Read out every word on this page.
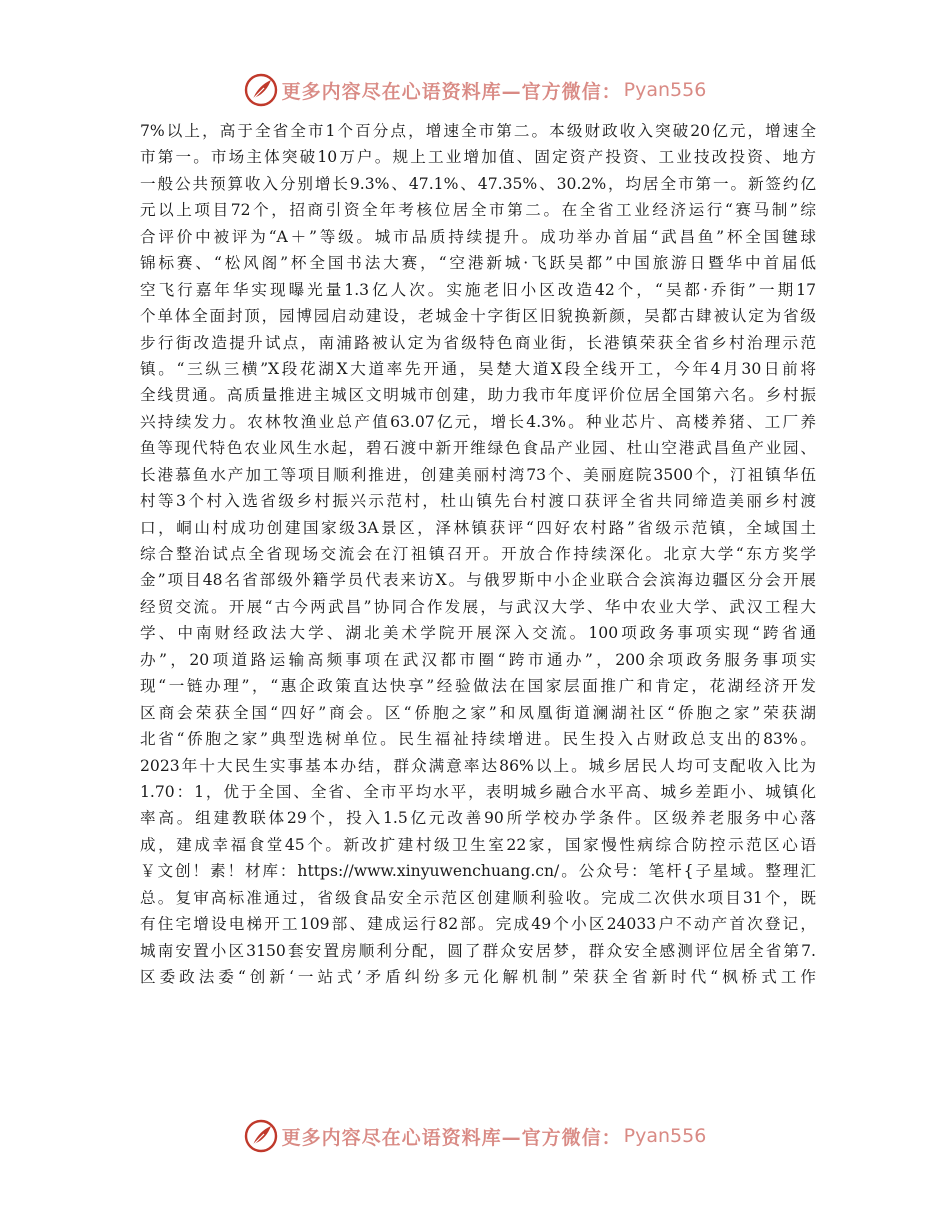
更多内容尽在心语资料库—官方微信： Pyan556
7%以上，高于全省全市1个百分点，增速全市第二。本级财政收入突破20亿元，增速全
市第一。市场主体突破10万户。规上工业增加值、固定资产投资、工业技改投资、地方
一般公共预算收入分别增长9.3%、47.1%、47.35%、30.2%，均居全市第一。新签约亿
元以上项目72个，招商引资全年考核位居全市第二。在全省工业经济运行“赛马制”综
合评价中被评为“A＋”等级。城市品质持续提升。成功举办首届“武昌鱼”杯全国毽球
锦标赛、“松风阁”杯全国书法大赛，“空港新城·飞跃吴都”中国旅游日暨华中首届低
空飞行嘉年华实现曝光量1.3亿人次。实施老旧小区改造42个，“吴都·乔街”一期17
个单体全面封顶，园博园启动建设，老城金十字街区旧貌换新颜，吴都古肆被认定为省级
步行街改造提升试点，南浦路被认定为省级特色商业街，长港镇荣获全省乡村治理示范
镇。“三纵三横”X段花湖X大道率先开通，吴楚大道X段全线开工，今年4月30日前将
全线贯通。高质量推进主城区文明城市创建，助力我市年度评价位居全国第六名。乡村振
兴持续发力。农林牧渔业总产值63.07亿元，增长4.3%。种业芯片、高楼养猪、工厂养
鱼等现代特色农业风生水起，碧石渡中新开维绿色食品产业园、杜山空港武昌鱼产业园、
长港慕鱼水产加工等项目顺利推进，创建美丽村湾73个、美丽庭院3500个，汀祖镇华伍
村等3个村入选省级乡村振兴示范村，杜山镇先台村渡口获评全省共同缔造美丽乡村渡
口，峒山村成功创建国家级3A景区，泽林镇获评“四好农村路”省级示范镇，全域国土
综合整治试点全省现场交流会在汀祖镇召开。开放合作持续深化。北京大学“东方奖学
金”项目48名省部级外籍学员代表来访X。与俄罗斯中小企业联合会滨海边疆区分会开展
经贸交流。开展“古今两武昌”协同合作发展，与武汉大学、华中农业大学、武汉工程大
学、中南财经政法大学、湖北美术学院开展深入交流。100项政务事项实现“跨省通
办”，20项道路运输高频事项在武汉都市圈“跨市通办”，200余项政务服务事项实
现“一链办理”，“惠企政策直达快享”经验做法在国家层面推广和肯定，花湖经济开发
区商会荣获全国“四好”商会。区“侨胞之家”和凤凰街道澜湖社区“侨胞之家”荣获湖
北省“侨胞之家”典型选树单位。民生福祉持续增进。民生投入占财政总支出的83%。
2023年十大民生实事基本办结，群众满意率达86%以上。城乡居民人均可支配收入比为
1.70：1，优于全国、全省、全市平均水平，表明城乡融合水平高、城乡差距小、城镇化
率高。组建教联体29个，投入1.5亿元改善90所学校办学条件。区级养老服务中心落
成，建成幸福食堂45个。新改扩建村级卫生室22家，国家慢性病综合防控示范区心语
￥文创！素！材库：https://www.xinyuwenchuang.cn/。公众号：笔杆{子星域。整理汇
总。复审高标准通过，省级食品安全示范区创建顺利验收。完成二次供水项目31个，既
有住宅增设电梯开工109部、建成运行82部。完成49个小区24033户不动产首次登记，
城南安置小区3150套安置房顺利分配，圆了群众安居梦，群众安全感测评位居全省第7.
区委政法委“创新‘一站式’矛盾纠纷多元化解机制”荣获全省新时代“枫桥式工作
更多内容尽在心语资料库—官方微信： Pyan556
